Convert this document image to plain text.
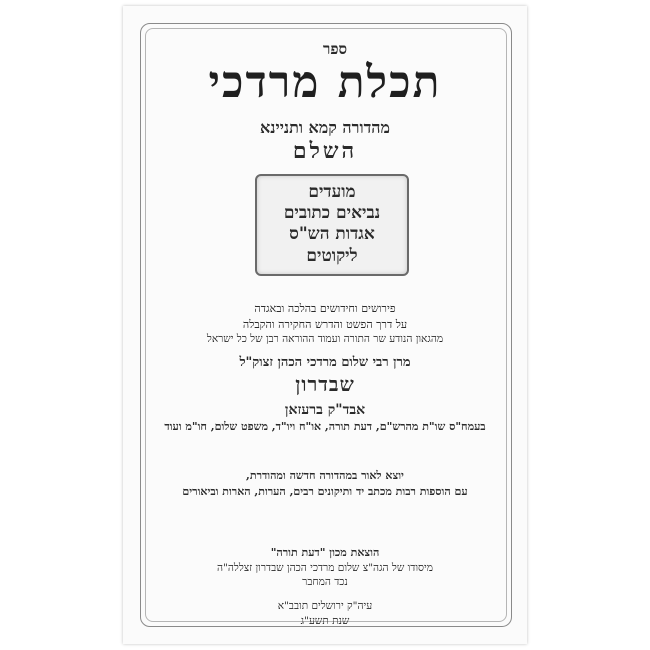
ספר
תכלת מרדכי
מהדורה קמא ותניינא
השלם
מועדים
נביאים כתובים
אגדות הש"ס
ליקוטים
פירושים וחידושים בהלכה ובאגדה
על דרך הפשט והדרש החקירה והקבלה
מהגאון הנודע שר התורה ועמוד ההוראה רבן של כל ישראל
מרן רבי שלום מרדכי הכהן זצוק"ל
שבדרון
אבד"ק ברעזאן
בעמח"ס שו"ת מהרש"ם, דעת תורה, או"ח ויו"ד, משפט שלום, חו"מ ועוד
יוצא לאור במהדורה חדשה ומהודרת,
עם הוספות רבות מכתב יד ותיקונים רבים, הערות, הארות וביאורים
הוצאת מכון "דעת תורה"
מיסודו של הגה"צ שלום מרדכי הכהן שבדרון זצללה"ה
נכד המחבר
עיה"ק ירושלים תובב"א
שנת תשע"ג
